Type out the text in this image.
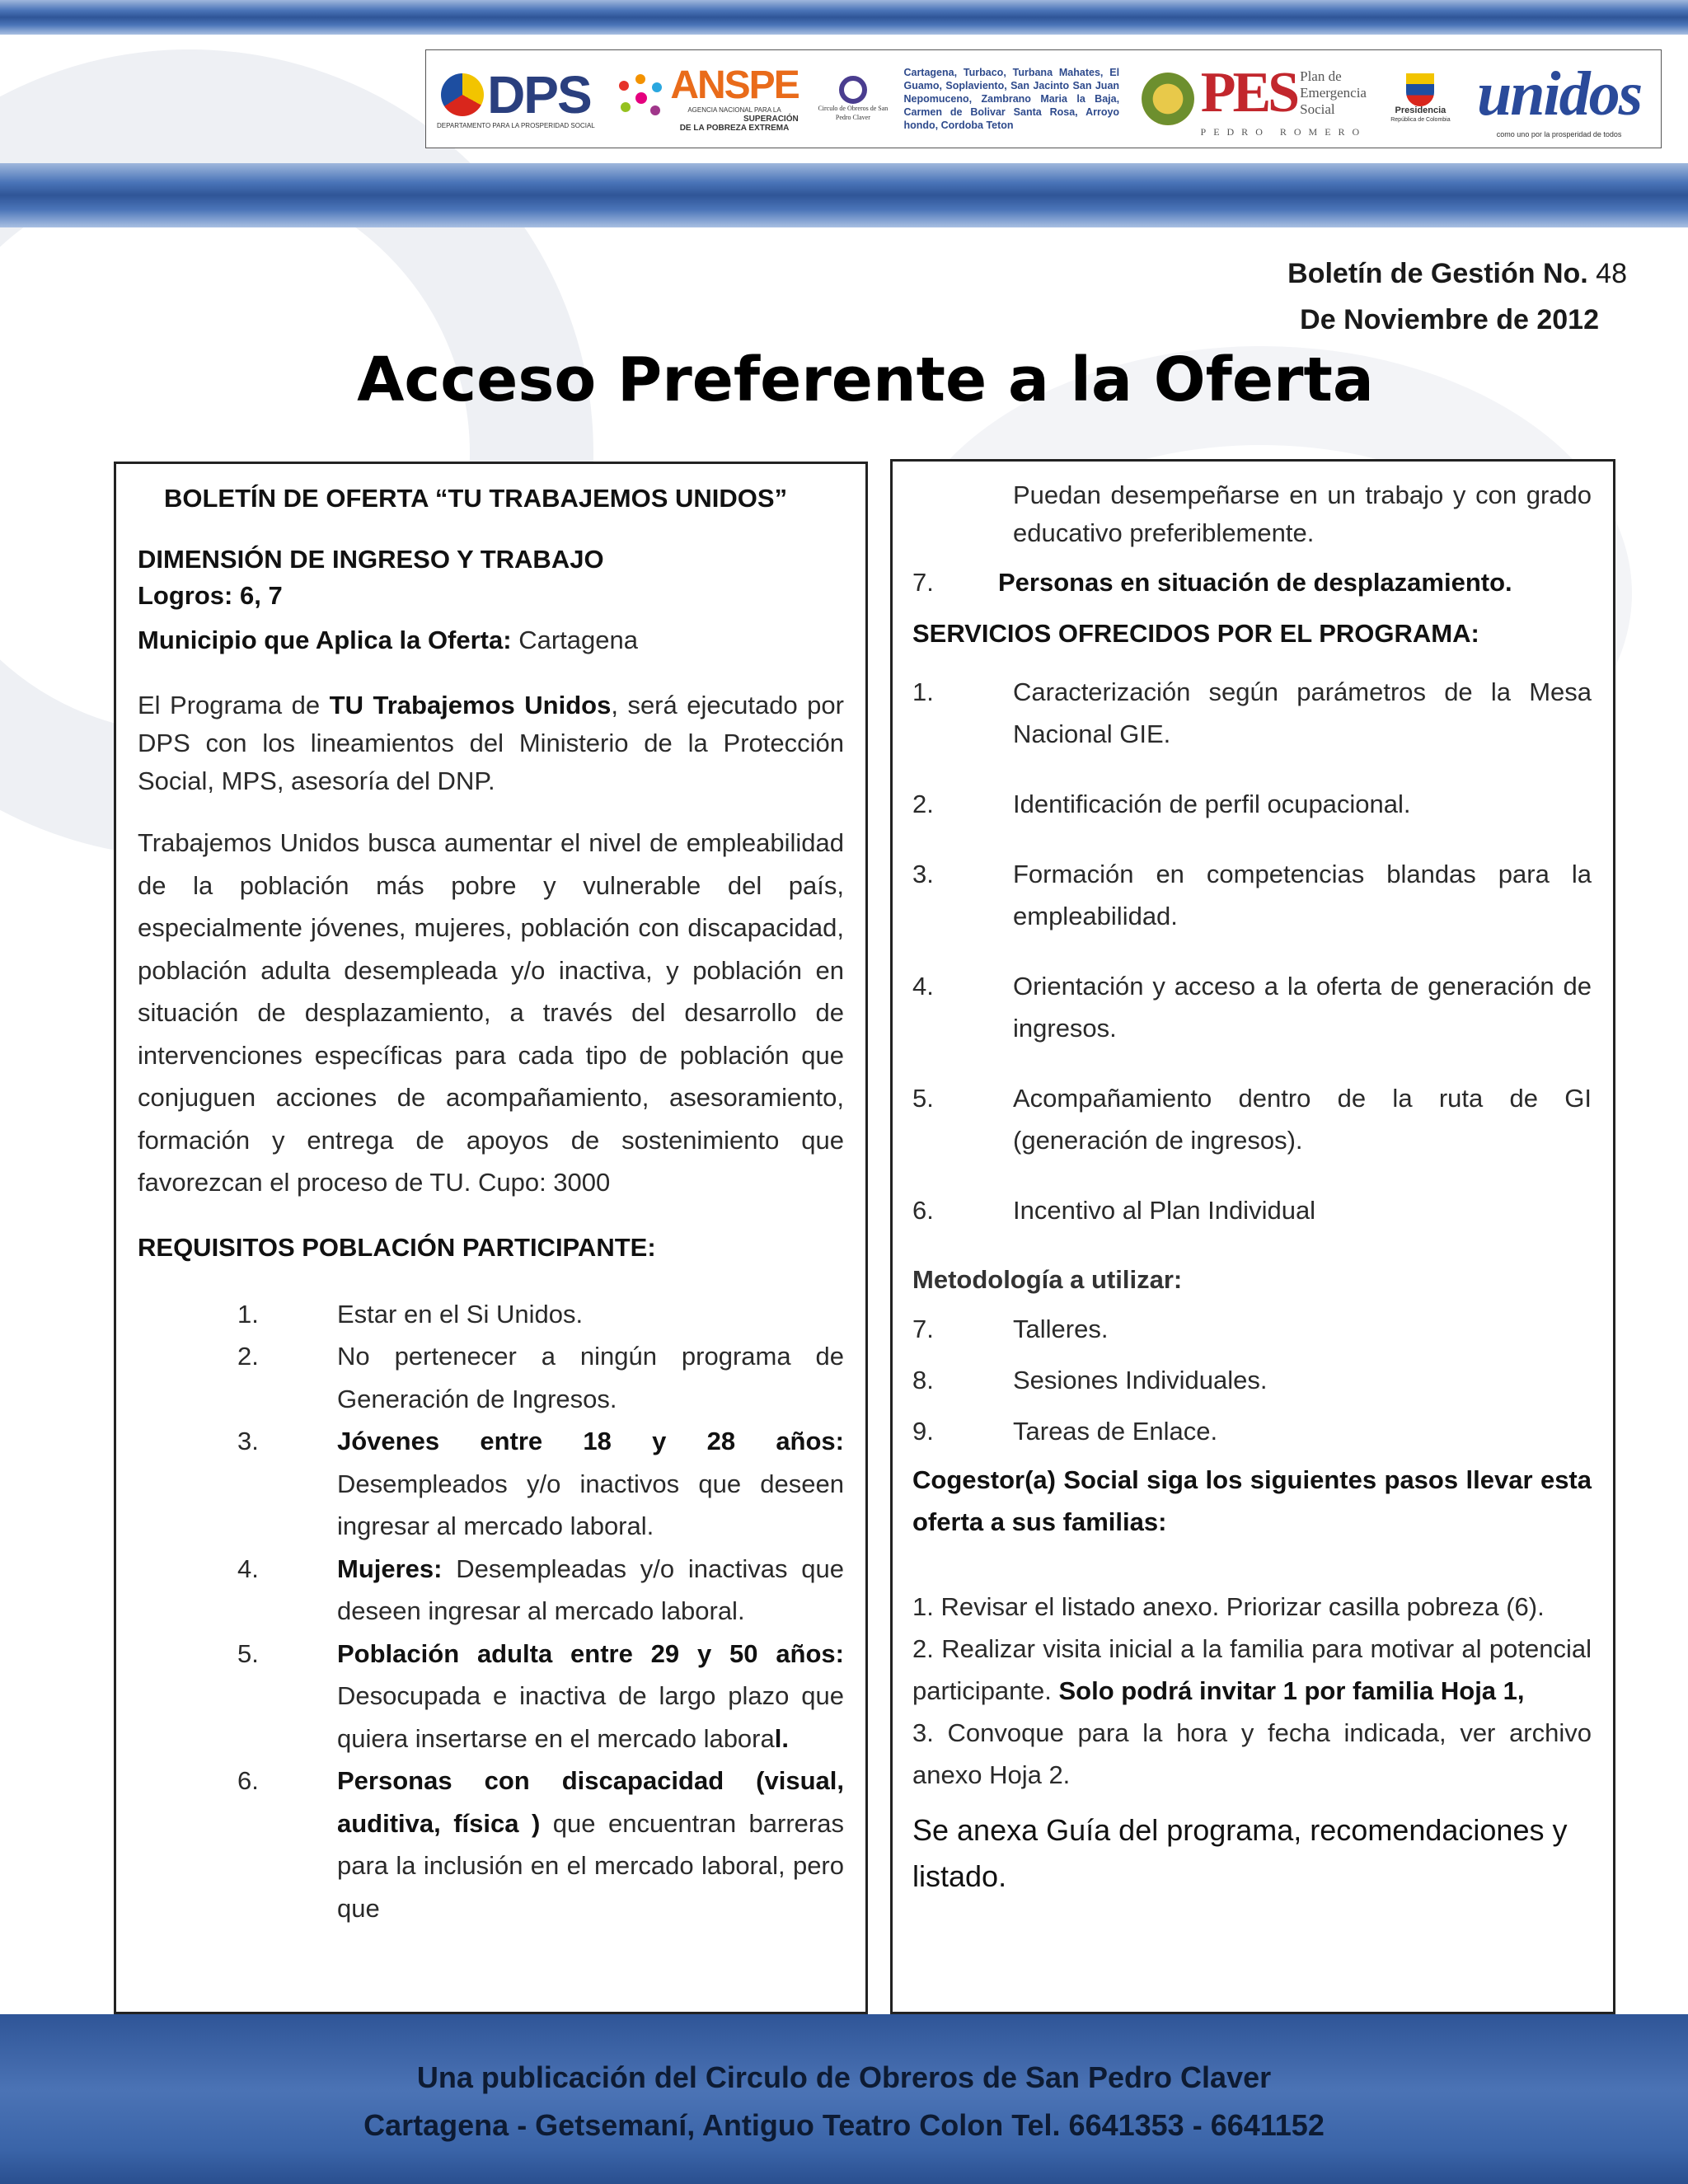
DPS
DEPARTAMENTO PARA LA PROSPERIDAD SOCIAL
ANSPE
AGENCIA NACIONAL PARA LA
SUPERACIÓN
DE LA POBREZA EXTREMA
Circulo de Obreros de San Pedro Claver
Cartagena, Turbaco, Turbana Mahates, El Guamo, Soplaviento, San Jacinto San Juan Nepomuceno, Zambrano Maria la Baja, Carmen de Bolivar Santa Rosa, Arroyo hondo, Cordoba Teton
PES Plan de
Emergencia
Social
PEDRO ROMERO
Presidencia
República de Colombia unidos
como uno por la prosperidad de todos
Boletín de Gestión No. 48
De Noviembre de 2012
Acceso Preferente a la Oferta
BOLETÍN DE OFERTA “TU TRABAJEMOS UNIDOS”
DIMENSIÓN DE INGRESO Y TRABAJO
Logros: 6, 7
Municipio que Aplica la Oferta: Cartagena

El Programa de TU Trabajemos Unidos, será ejecutado por DPS con los lineamientos del Ministerio de la Protección Social, MPS, asesoría del DNP.

Trabajemos Unidos busca aumentar el nivel de empleabilidad de la población más pobre y vulnerable del país, especialmente jóvenes, mujeres, población con discapacidad, población adulta desempleada y/o inactiva, y población en situación de desplazamiento, a través del desarrollo de intervenciones específicas para cada tipo de población que conjuguen acciones de acompañamiento, asesoramiento, formación y entrega de apoyos de sostenimiento que favorezcan el proceso de TU. Cupo: 3000

REQUISITOS POBLACIÓN PARTICIPANTE:
1.	Estar en el Si Unidos.
2.	No pertenecer a ningún programa de Generación de Ingresos.
3.	Jóvenes entre 18 y 28 años: Desempleados y/o inactivos que deseen ingresar al mercado laboral.
4.	Mujeres: Desempleadas y/o inactivas que deseen ingresar al mercado laboral.
5.	Población adulta entre 29 y 50 años: Desocupada e inactiva de largo plazo que quiera insertarse en el mercado laboral.
6.	Personas con discapacidad (visual, auditiva, física ) que encuentran barreras para la inclusión en el mercado laboral, pero que

Puedan desempeñarse en un trabajo y con grado educativo preferiblemente.

7.	Personas en situación de desplazamiento.
SERVICIOS OFRECIDOS POR EL PROGRAMA:
1.	Caracterización según parámetros de la Mesa Nacional GIE.
2.	Identificación de perfil ocupacional.
3.	Formación en competencias blandas para la empleabilidad.
4.	Orientación y acceso a la oferta de generación de ingresos.
5.	Acompañamiento dentro de la ruta de GI (generación de ingresos).
6.	Incentivo al Plan Individual
Metodología a utilizar:
7.	Talleres.
8.	Sesiones Individuales.
9.	Tareas de Enlace.
Cogestor(a) Social siga los siguientes pasos llevar esta oferta a sus familias:

1. Revisar el listado anexo. Priorizar casilla pobreza (6).

2. Realizar visita inicial a la familia para motivar al potencial participante. Solo podrá invitar 1 por familia Hoja 1,

3. Convoque para la hora y fecha indicada, ver archivo anexo Hoja 2.

Se anexa Guía del programa, recomendaciones y listado.

Una publicación del Circulo de Obreros de San Pedro Claver
Cartagena - Getsemaní, Antiguo Teatro Colon Tel. 6641353 - 6641152
